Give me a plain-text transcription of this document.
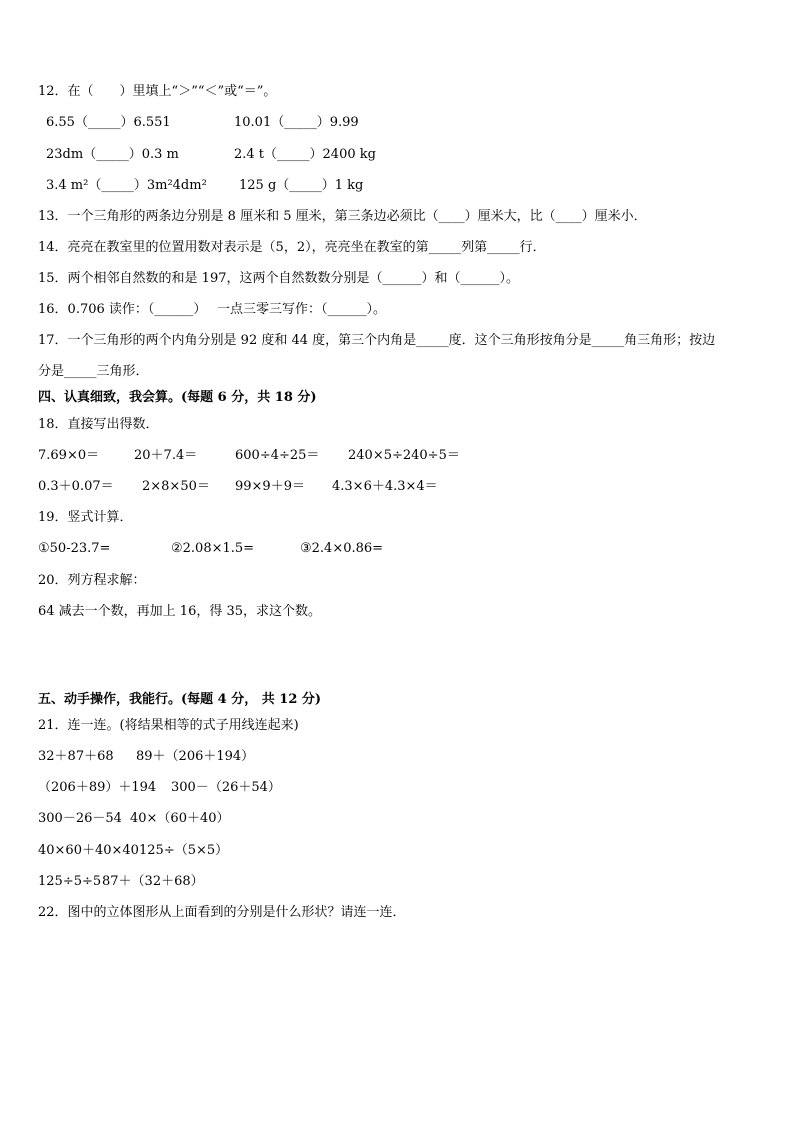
12．在（　　）里填上“＞”“＜”或“＝”。

6.55（_____）6.551

	10.01（_____）9.99

23dm（_____）0.3 m

	2.4 t（_____）2400 kg

3.4 m²（_____）3m²4dm²

125 g（_____）1 kg

13．一个三角形的两条边分别是 8 厘米和 5 厘米，第三条边必须比（____）厘米大，比（____）厘米小．
14．亮亮在教室里的位置用数对表示是（5，2），亮亮坐在教室的第_____列第_____行．
15．两个相邻自然数的和是 197，这两个自然数数分别是（______）和（______）。
16．0.706 读作：（______）　 一点三零三写作：（______）。
17．一个三角形的两个内角分别是 92 度和 44 度，第三个内角是_____度．这个三角形按角分是_____角三角形；按边
分是_____三角形．
四、认真细致，我会算。(每题 6 分，共 18 分)
18．直接写出得数．

7.69×0＝

	20＋7.4＝

	600÷4÷25＝

240×5÷240÷5＝

0.3＋0.07＝

2×8×50＝

99×9＋9＝

4.3×6＋4.3×4＝

19．竖式计算．

①50-23.7=

	②2.08×1.5=

	③2.4×0.86=

20．列方程求解：
64 减去一个数，再加上 16，得 35，求这个数。
五、动手操作，我能行。(每题 4 分， 共 12 分)
21．连一连。(将结果相等的式子用线连起来)

32＋87＋68

89＋（206＋194）

（206＋89）＋194

300－（26＋54）

300－26－54

40×（60＋40）

40×60＋40×40

125÷（5×5）

125÷5÷5

87＋（32＋68）

22．图中的立体图形从上面看到的分别是什么形状？请连一连．
